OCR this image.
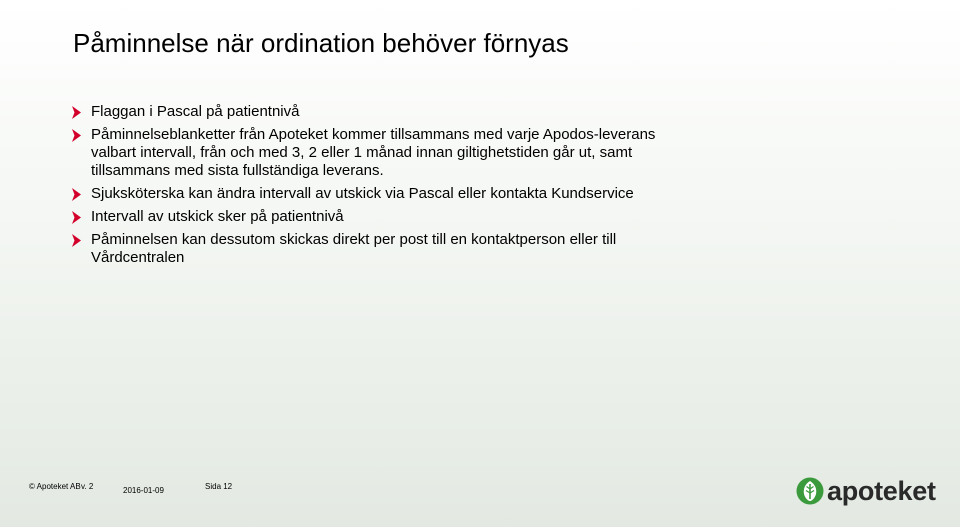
Påminnelse när ordination behöver förnyas
Flaggan i Pascal på patientnivå
Påminnelseblanketter från Apoteket kommer tillsammans med varje Apodos-leverans
valbart intervall, från och med 3, 2 eller 1 månad innan giltighetstiden går ut, samt
tillsammans med sista fullständiga leverans.
Sjuksköterska kan ändra intervall av utskick via Pascal eller kontakta Kundservice
Intervall av utskick sker på patientnivå
Påminnelsen kan dessutom skickas direkt per post till en kontaktperson eller till
Vårdcentralen
© Apoteket AB v. 2	2016-01-09	Sida 12	apoteket
